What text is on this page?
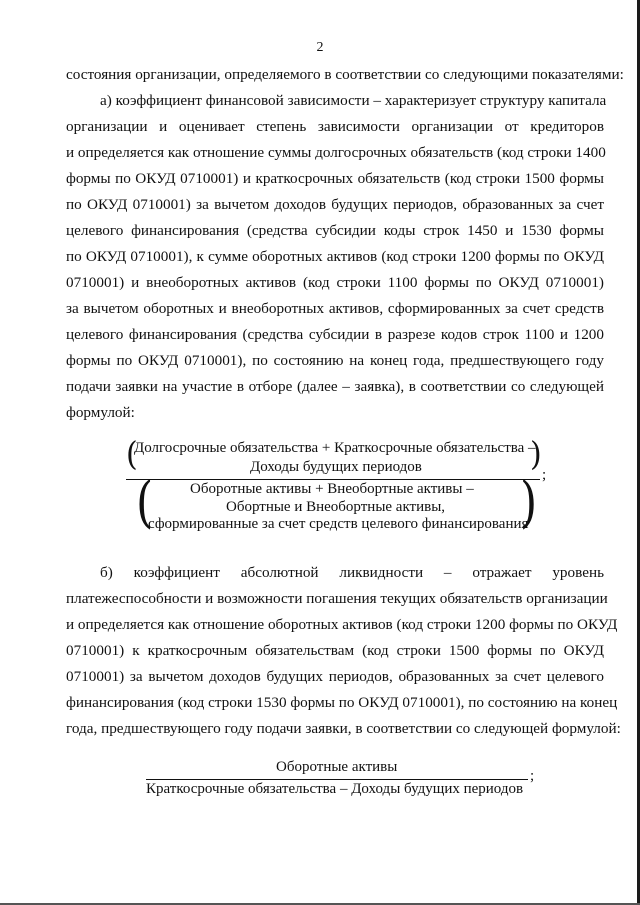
2
состояния организации, определяемого в соответствии со следующими показателями:
а) коэффициент финансовой зависимости – характеризует структуру капитала
организации и оценивает степень зависимости организации от кредиторов
и определяется как отношение суммы долгосрочных обязательств (код строки 1400
формы по ОКУД 0710001) и краткосрочных обязательств (код строки 1500 формы
по ОКУД 0710001) за вычетом доходов будущих периодов, образованных за счет
целевого финансирования (средства субсидии коды строк 1450 и 1530 формы
по ОКУД 0710001), к сумме оборотных активов (код строки 1200 формы по ОКУД
0710001) и внеоборотных активов (код строки 1100 формы по ОКУД 0710001)
за вычетом оборотных и внеоборотных активов, сформированных за счет средств
целевого финансирования (средства субсидии в разрезе кодов строк 1100 и 1200
формы по ОКУД 0710001), по состоянию на конец года, предшествующего году
подачи заявки на участие в отборе (далее – заявка), в соответствии со следующей
формулой:
(
Долгосрочные обязательства + Краткосрочные обязательства –
Доходы будущих периодов	)
;
( Оборотные активы + Внеобортные активы –
Обортные и Внеобортные активы,
сформированные за счет средств целевого финансирования
)
б) коэффициент абсолютной ликвидности – отражает уровень
платежеспособности и возможности погашения текущих обязательств организации
и определяется как отношение оборотных активов (код строки 1200 формы по ОКУД
0710001) к краткосрочным обязательствам (код строки 1500 формы по ОКУД
0710001) за вычетом доходов будущих периодов, образованных за счет целевого
финансирования (код строки 1530 формы по ОКУД 0710001), по состоянию на конец
года, предшествующего году подачи заявки, в соответствии со следующей формулой:
Оборотные активы
Краткосрочные обязательства – Доходы будущих периодов
;
